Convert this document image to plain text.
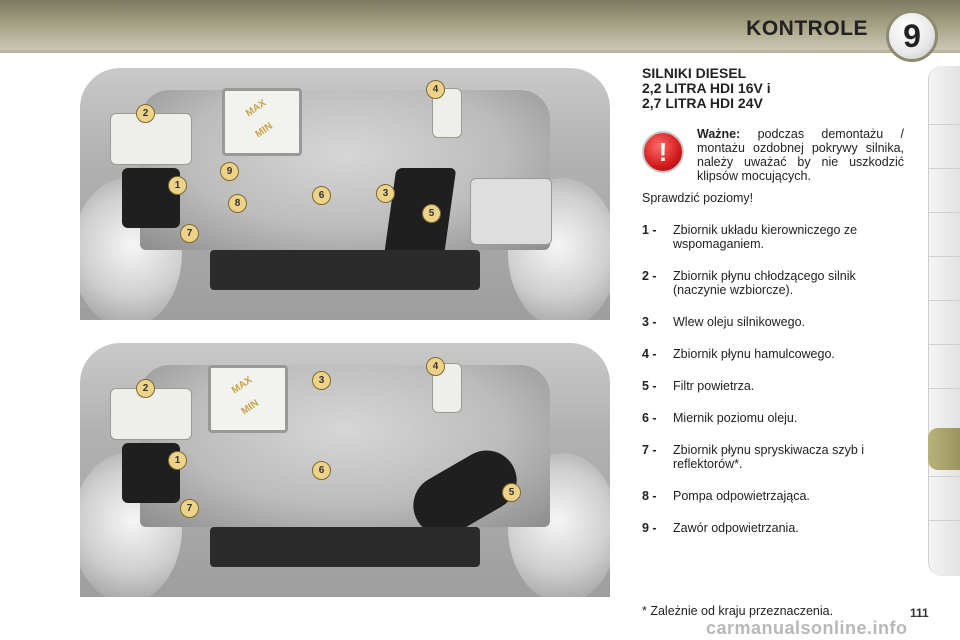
KONTROLE	9
MAX
MIN
2
4
9
1
8
6	3
5
7
MAX
MIN
2
4
3
1
6
5
7
SILNIKI DIESEL
2,2 LITRA HDI 16V i
2,7 LITRA HDI 24V
!
Ważne: podczas demontażu / montażu ozdobnej pokrywy silnika, należy uważać by nie uszkodzić klipsów mocujących.
Sprawdzić poziomy!
1 - Zbiornik układu kierowniczego ze wspomaganiem.
2 - Zbiornik płynu chłodzącego silnik (naczynie wzbiorcze).
3 - Wlew oleju silnikowego.
4 - Zbiornik płynu hamulcowego.
5 - Filtr powietrza.
6 - Miernik poziomu oleju.
7 - Zbiornik płynu spryskiwacza szyb i reflektorów*.
8 - Pompa odpowietrzająca.
9 - Zawór odpowietrzania.
* Zależnie od kraju przeznaczenia.	111
carmanualsonline.info
